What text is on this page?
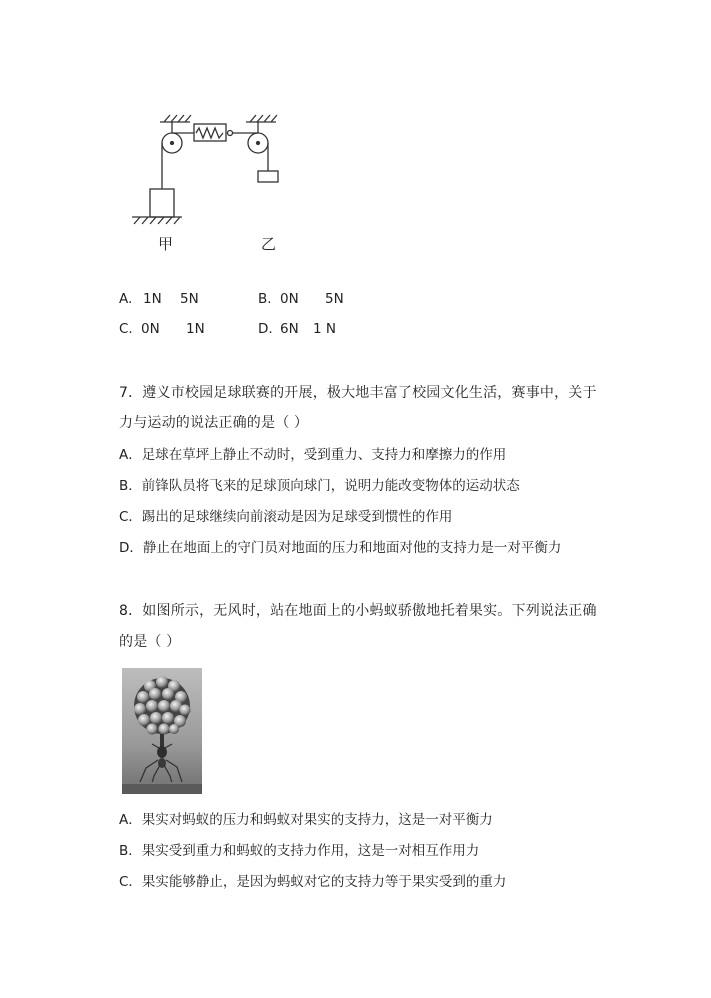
甲	乙
A. 1N 5N	B. 0N 5N
C. 0N 1N	D. 6N 1 N
7．遵义市校园足球联赛的开展，极大地丰富了校园文化生活，赛事中，关于
力与运动的说法正确的是（ ）
A．足球在草坪上静止不动时，受到重力、支持力和摩擦力的作用
B．前锋队员将飞来的足球顶向球门，说明力能改变物体的运动状态
C．踢出的足球继续向前滚动是因为足球受到惯性的作用
D．静止在地面上的守门员对地面的压力和地面对他的支持力是一对平衡力
8．如图所示，无风时，站在地面上的小蚂蚁骄傲地托着果实。下列说法正确
的是（ ）
A．果实对蚂蚁的压力和蚂蚁对果实的支持力，这是一对平衡力
B．果实受到重力和蚂蚁的支持力作用，这是一对相互作用力
C．果实能够静止，是因为蚂蚁对它的支持力等于果实受到的重力
